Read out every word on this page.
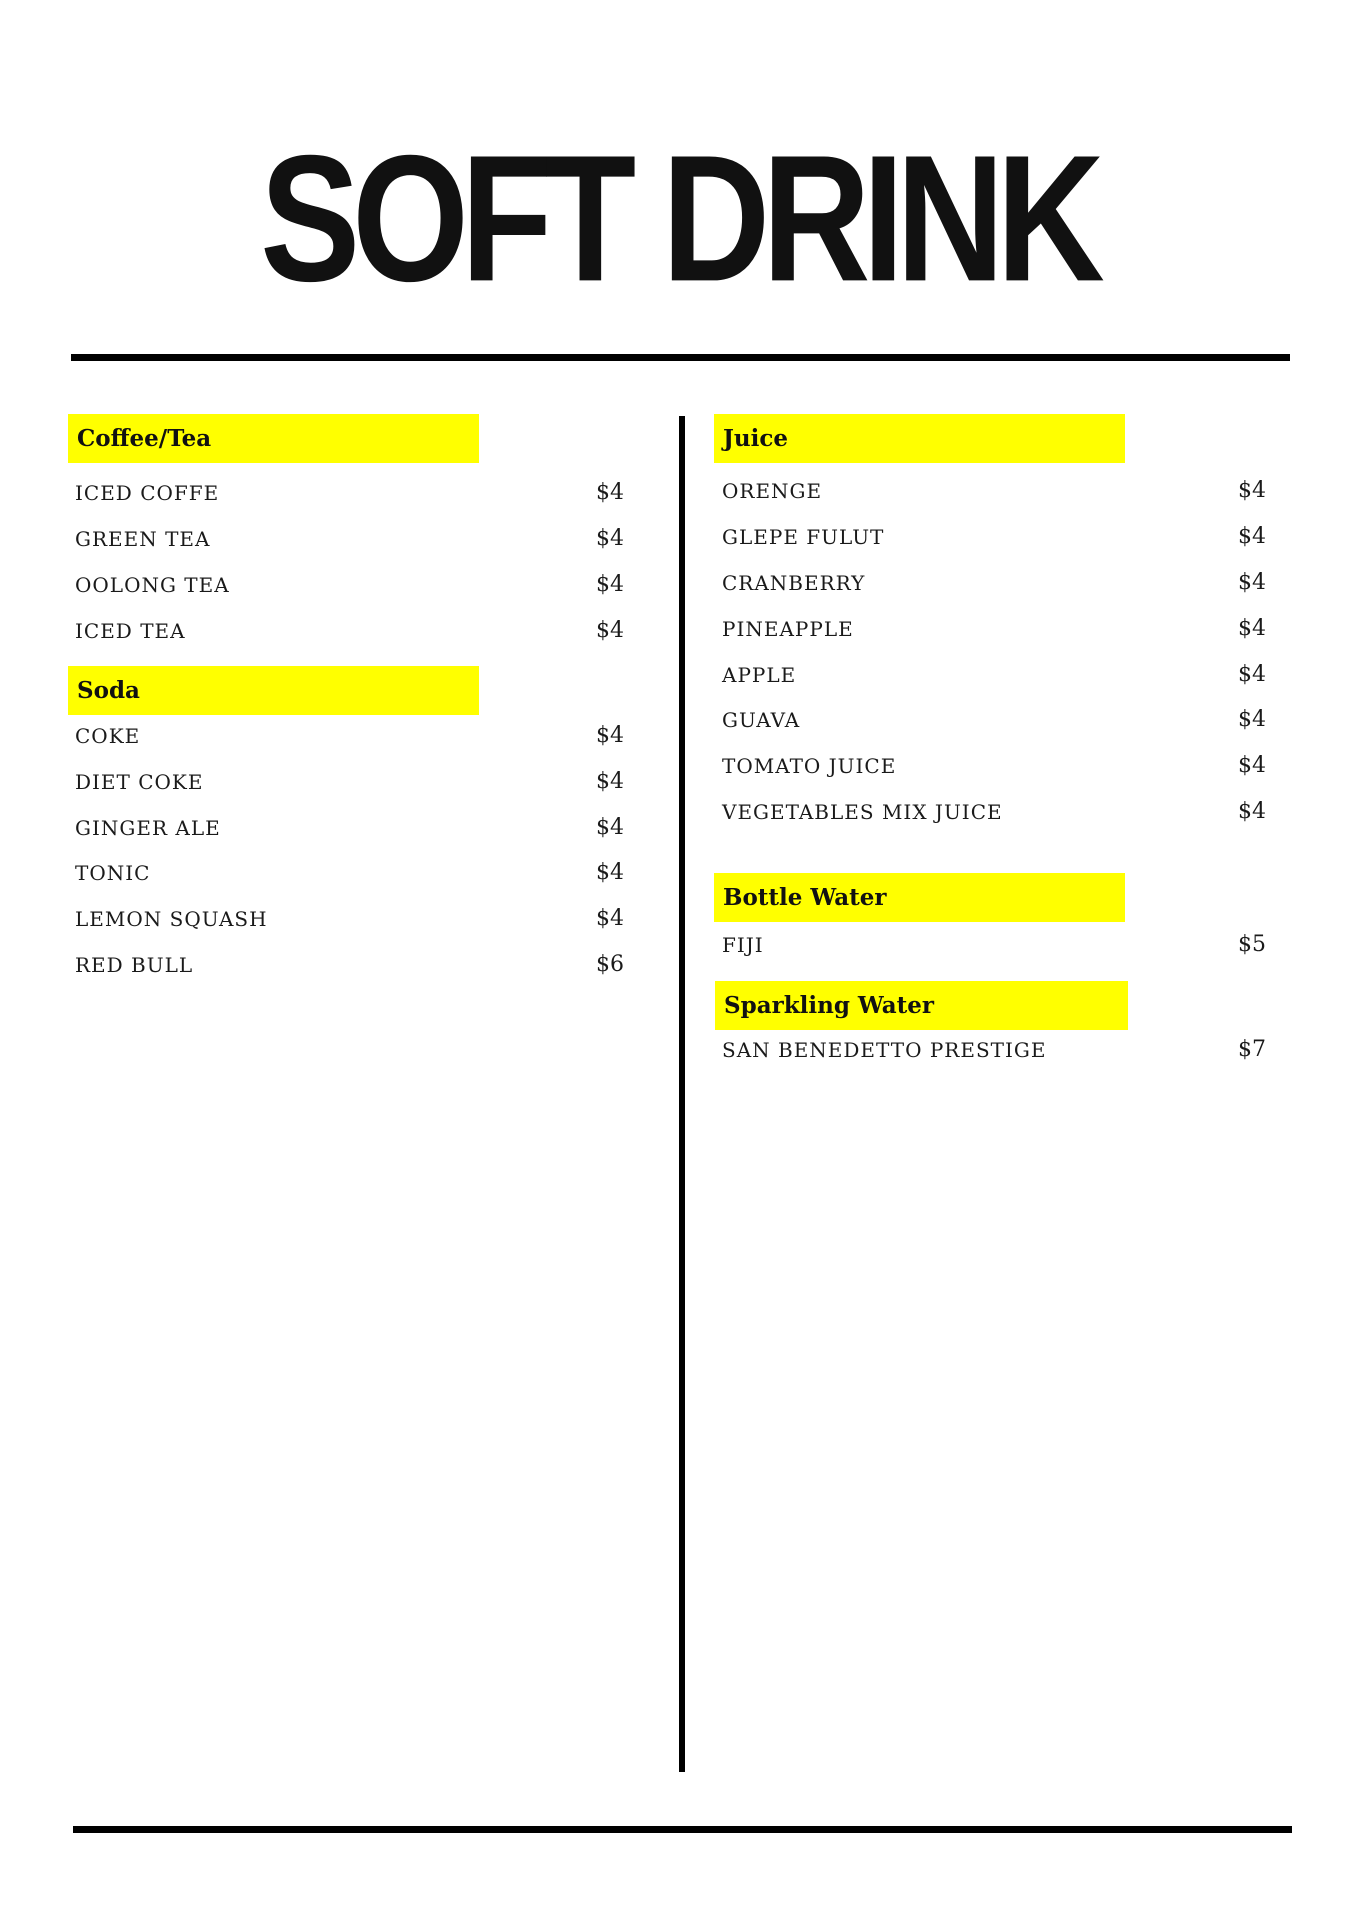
SOFT DRINK
Coffee/Tea
ICED COFFE	$4
GREEN TEA	$4
OOLONG TEA	$4
ICED TEA	$4
Soda
COKE	$4
DIET COKE	$4
GINGER ALE	$4
TONIC	$4
LEMON SQUASH	$4
RED BULL	$6
Juice
ORENGE	$4
GLEPE FULUT	$4
CRANBERRY	$4
PINEAPPLE	$4
APPLE	$4
GUAVA	$4
TOMATO JUICE	$4
VEGETABLES MIX JUICE	$4
Bottle Water
FIJI	$5
Sparkling Water
SAN BENEDETTO PRESTIGE	$7
